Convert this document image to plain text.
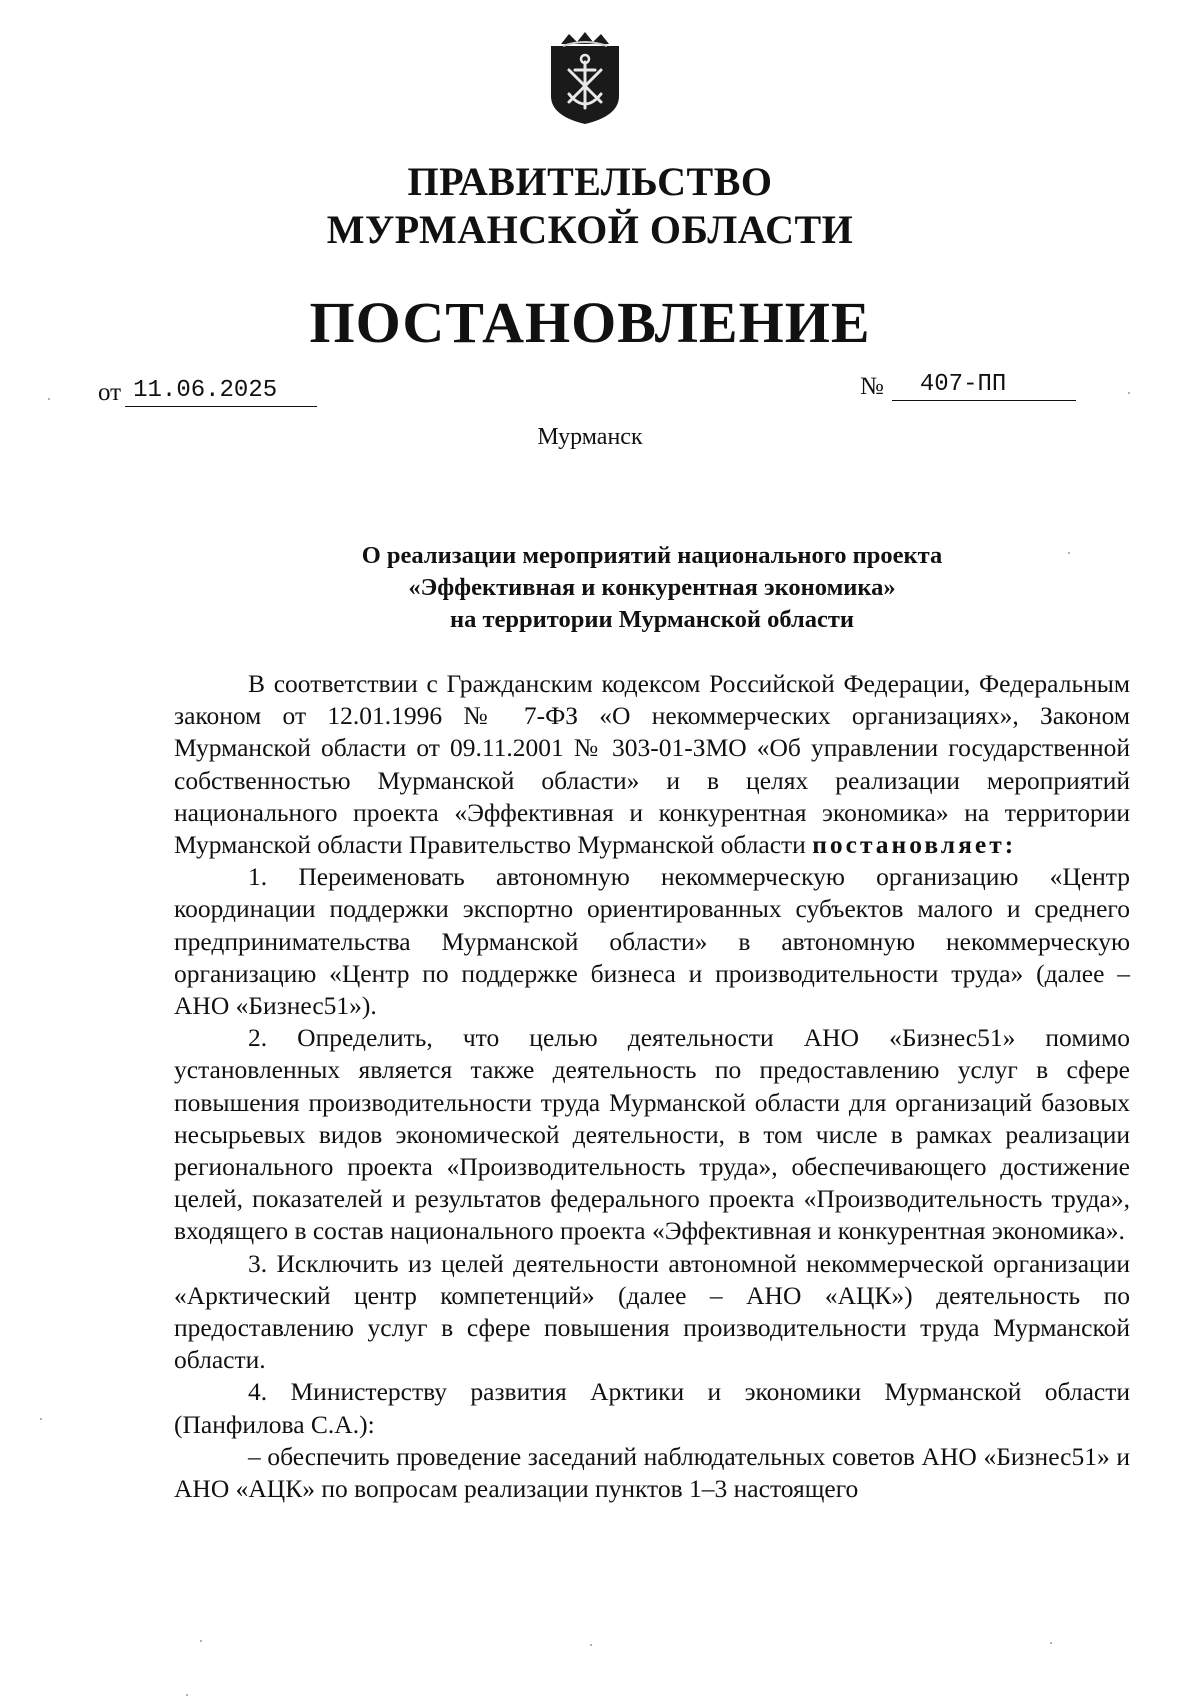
ПРАВИТЕЛЬСТВО
МУРМАНСКОЙ ОБЛАСТИ
ПОСТАНОВЛЕНИЕ
от 11.06.2025	№	407-ПП
Мурманск
О реализации мероприятий национального проекта
«Эффективная и конкурентная экономика»
на территории Мурманской области

В соответствии с Гражданским кодексом Российской Федерации, Федеральным законом от 12.01.1996 № 7-ФЗ «О некоммерческих организациях», Законом Мурманской области от 09.11.2001 № 303-01-ЗМО «Об управлении государственной собственностью Мурманской области» и в целях реализации мероприятий национального проекта «Эффективная и конкурентная экономика» на территории Мурманской области Правительство Мурманской области постановляет:

1. Переименовать автономную некоммерческую организацию «Центр координации поддержки экспортно ориентированных субъектов малого и среднего предпринимательства Мурманской области» в автономную некоммерческую организацию «Центр по поддержке бизнеса и производительности труда» (далее – АНО «Бизнес51»).

2. Определить, что целью деятельности АНО «Бизнес51» помимо установленных является также деятельность по предоставлению услуг в сфере повышения производительности труда Мурманской области для организаций базовых несырьевых видов экономической деятельности, в том числе в рамках реализации регионального проекта «Производительность труда», обеспечивающего достижение целей, показателей и результатов федерального проекта «Производительность труда», входящего в состав национального проекта «Эффективная и конкурентная экономика».

3. Исключить из целей деятельности автономной некоммерческой организации «Арктический центр компетенций» (далее – АНО «АЦК») деятельность по предоставлению услуг в сфере повышения производительности труда Мурманской области.

4. Министерству развития Арктики и экономики Мурманской области (Панфилова С.А.):

– обеспечить проведение заседаний наблюдательных советов АНО «Бизнес51» и АНО «АЦК» по вопросам реализации пунктов 1–3 настоящего
